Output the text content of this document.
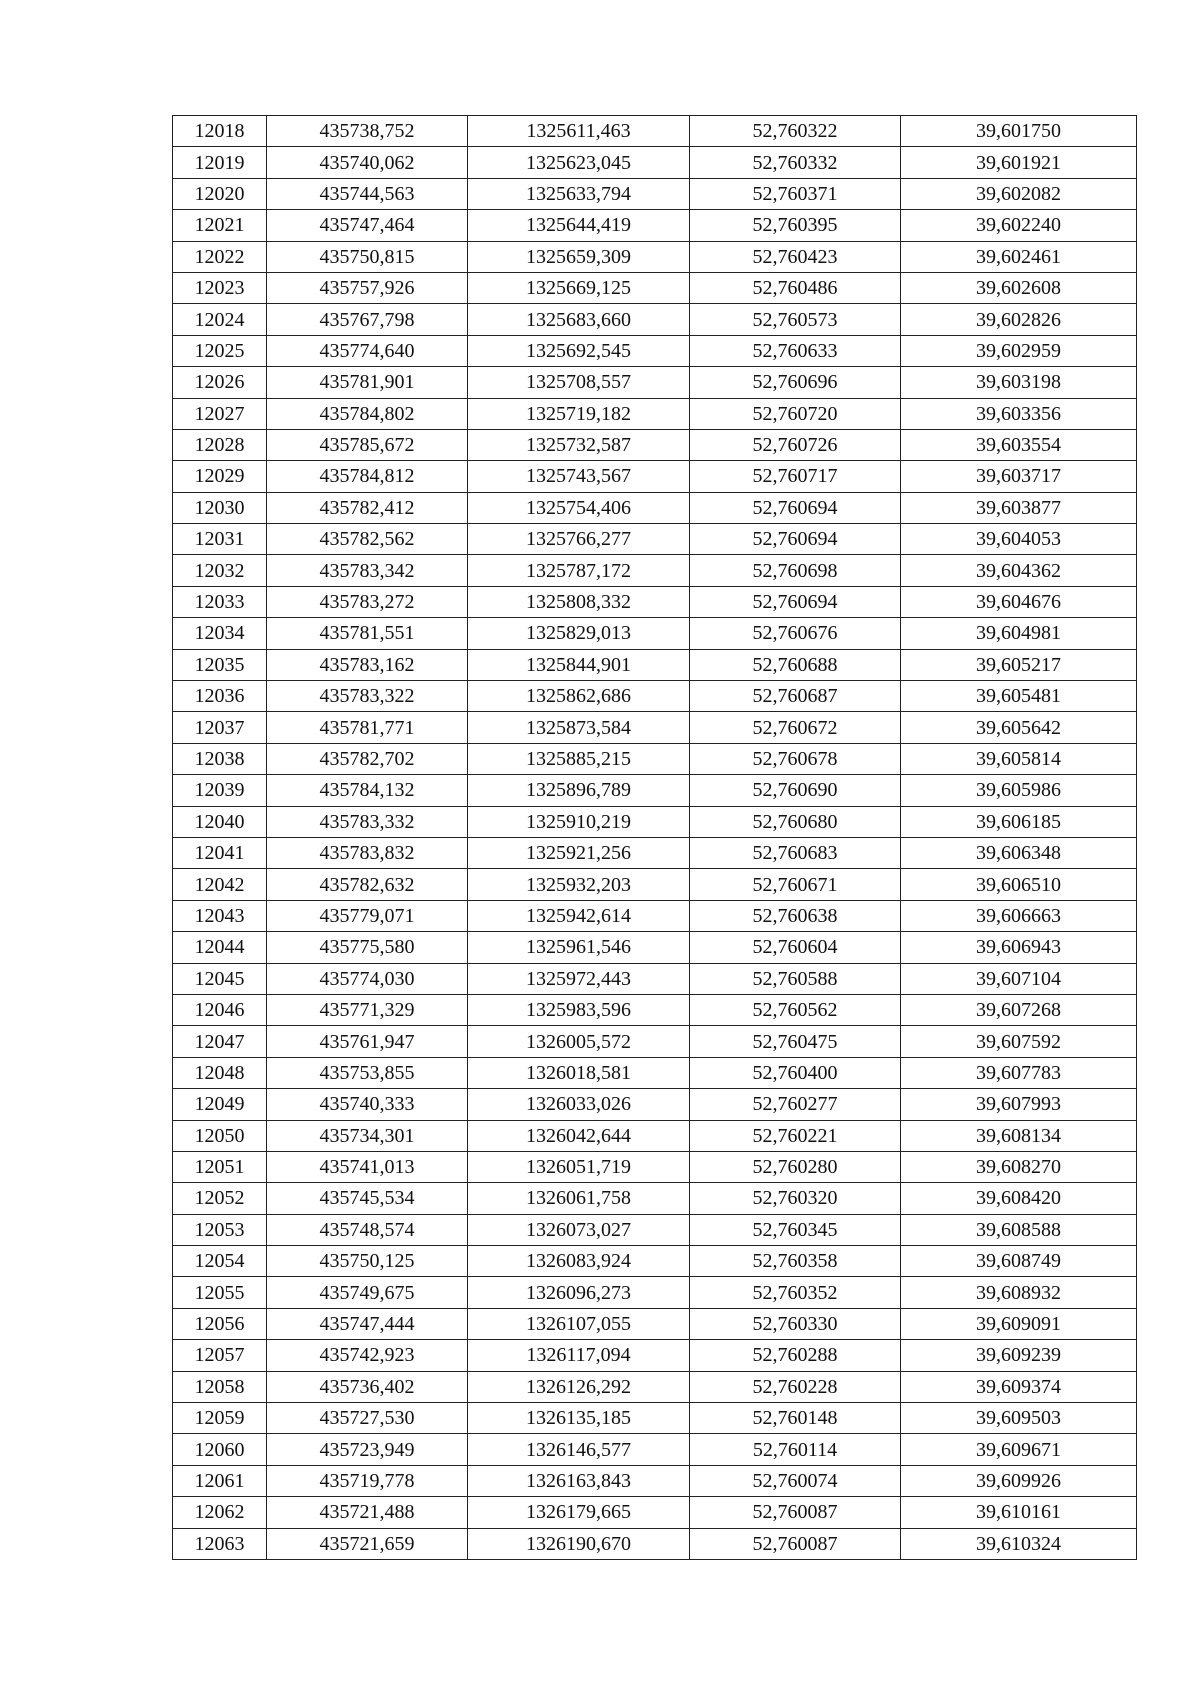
12018	435738,752	1325611,463	52,760322	39,601750
12019	435740,062	1325623,045	52,760332	39,601921
12020	435744,563	1325633,794	52,760371	39,602082
12021	435747,464	1325644,419	52,760395	39,602240
12022	435750,815	1325659,309	52,760423	39,602461
12023	435757,926	1325669,125	52,760486	39,602608
12024	435767,798	1325683,660	52,760573	39,602826
12025	435774,640	1325692,545	52,760633	39,602959
12026	435781,901	1325708,557	52,760696	39,603198
12027	435784,802	1325719,182	52,760720	39,603356
12028	435785,672	1325732,587	52,760726	39,603554
12029	435784,812	1325743,567	52,760717	39,603717
12030	435782,412	1325754,406	52,760694	39,603877
12031	435782,562	1325766,277	52,760694	39,604053
12032	435783,342	1325787,172	52,760698	39,604362
12033	435783,272	1325808,332	52,760694	39,604676
12034	435781,551	1325829,013	52,760676	39,604981
12035	435783,162	1325844,901	52,760688	39,605217
12036	435783,322	1325862,686	52,760687	39,605481
12037	435781,771	1325873,584	52,760672	39,605642
12038	435782,702	1325885,215	52,760678	39,605814
12039	435784,132	1325896,789	52,760690	39,605986
12040	435783,332	1325910,219	52,760680	39,606185
12041	435783,832	1325921,256	52,760683	39,606348
12042	435782,632	1325932,203	52,760671	39,606510
12043	435779,071	1325942,614	52,760638	39,606663
12044	435775,580	1325961,546	52,760604	39,606943
12045	435774,030	1325972,443	52,760588	39,607104
12046	435771,329	1325983,596	52,760562	39,607268
12047	435761,947	1326005,572	52,760475	39,607592
12048	435753,855	1326018,581	52,760400	39,607783
12049	435740,333	1326033,026	52,760277	39,607993
12050	435734,301	1326042,644	52,760221	39,608134
12051	435741,013	1326051,719	52,760280	39,608270
12052	435745,534	1326061,758	52,760320	39,608420
12053	435748,574	1326073,027	52,760345	39,608588
12054	435750,125	1326083,924	52,760358	39,608749
12055	435749,675	1326096,273	52,760352	39,608932
12056	435747,444	1326107,055	52,760330	39,609091
12057	435742,923	1326117,094	52,760288	39,609239
12058	435736,402	1326126,292	52,760228	39,609374
12059	435727,530	1326135,185	52,760148	39,609503
12060	435723,949	1326146,577	52,760114	39,609671
12061	435719,778	1326163,843	52,760074	39,609926
12062	435721,488	1326179,665	52,760087	39,610161
12063	435721,659	1326190,670	52,760087	39,610324
